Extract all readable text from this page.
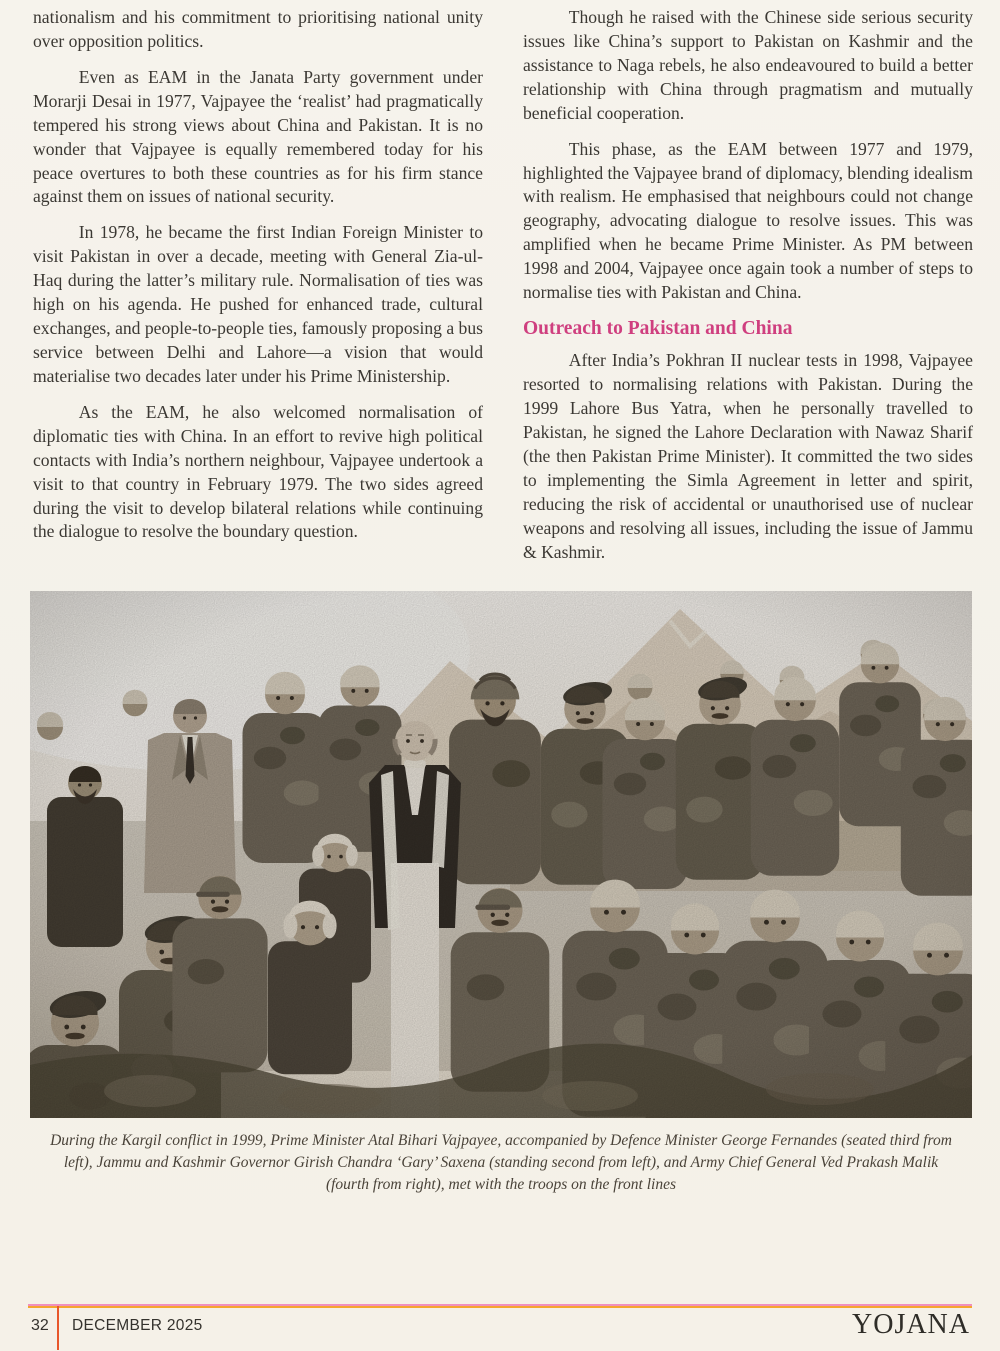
nationalism and his commitment to prioritising national unity over opposition politics.

Even as EAM in the Janata Party government under Morarji Desai in 1977, Vajpayee the ‘realist’ had pragmatically tempered his strong views about China and Pakistan. It is no wonder that Vajpayee is equally remembered today for his peace overtures to both these countries as for his firm stance against them on issues of national security.

In 1978, he became the first Indian Foreign Minister to visit Pakistan in over a decade, meeting with General Zia-ul-Haq during the latter’s military rule. Normalisation of ties was high on his agenda. He pushed for enhanced trade, cultural exchanges, and people-to-people ties, famously proposing a bus service between Delhi and Lahore—a vision that would materialise two decades later under his Prime Ministership.

As the EAM, he also welcomed normalisation of diplomatic ties with China. In an effort to revive high political contacts with India’s northern neighbour, Vajpayee undertook a visit to that country in February 1979. The two sides agreed during the visit to develop bilateral relations while continuing the dialogue to resolve the boundary question.

Though he raised with the Chinese side serious security issues like China’s support to Pakistan on Kashmir and the assistance to Naga rebels, he also endeavoured to build a better relationship with China through pragmatism and mutually beneficial cooperation.

This phase, as the EAM between 1977 and 1979, highlighted the Vajpayee brand of diplomacy, blending idealism with realism. He emphasised that neighbours could not change geography, advocating dialogue to resolve issues. This was amplified when he became Prime Minister. As PM between 1998 and 2004, Vajpayee once again took a number of steps to normalise ties with Pakistan and China.

Outreach to Pakistan and China

After India’s Pokhran II nuclear tests in 1998, Vajpayee resorted to normalising relations with Pakistan. During the 1999 Lahore Bus Yatra, when he personally travelled to Pakistan, he signed the Lahore Declaration with Nawaz Sharif (the then Pakistan Prime Minister). It committed the two sides to implementing the Simla Agreement in letter and spirit, reducing the risk of accidental or unauthorised use of nuclear weapons and resolving all issues, including the issue of Jammu & Kashmir.

During the Kargil conflict in 1999, Prime Minister Atal Bihari Vajpayee, accompanied by Defence Minister George Fernandes (seated third from left), Jammu and Kashmir Governor Girish Chandra ‘Gary’ Saxena (standing second from left), and Army Chief General Ved Prakash Malik (fourth from right), met with the troops on the front lines
32 DECEMBER 2025	YOJANA
